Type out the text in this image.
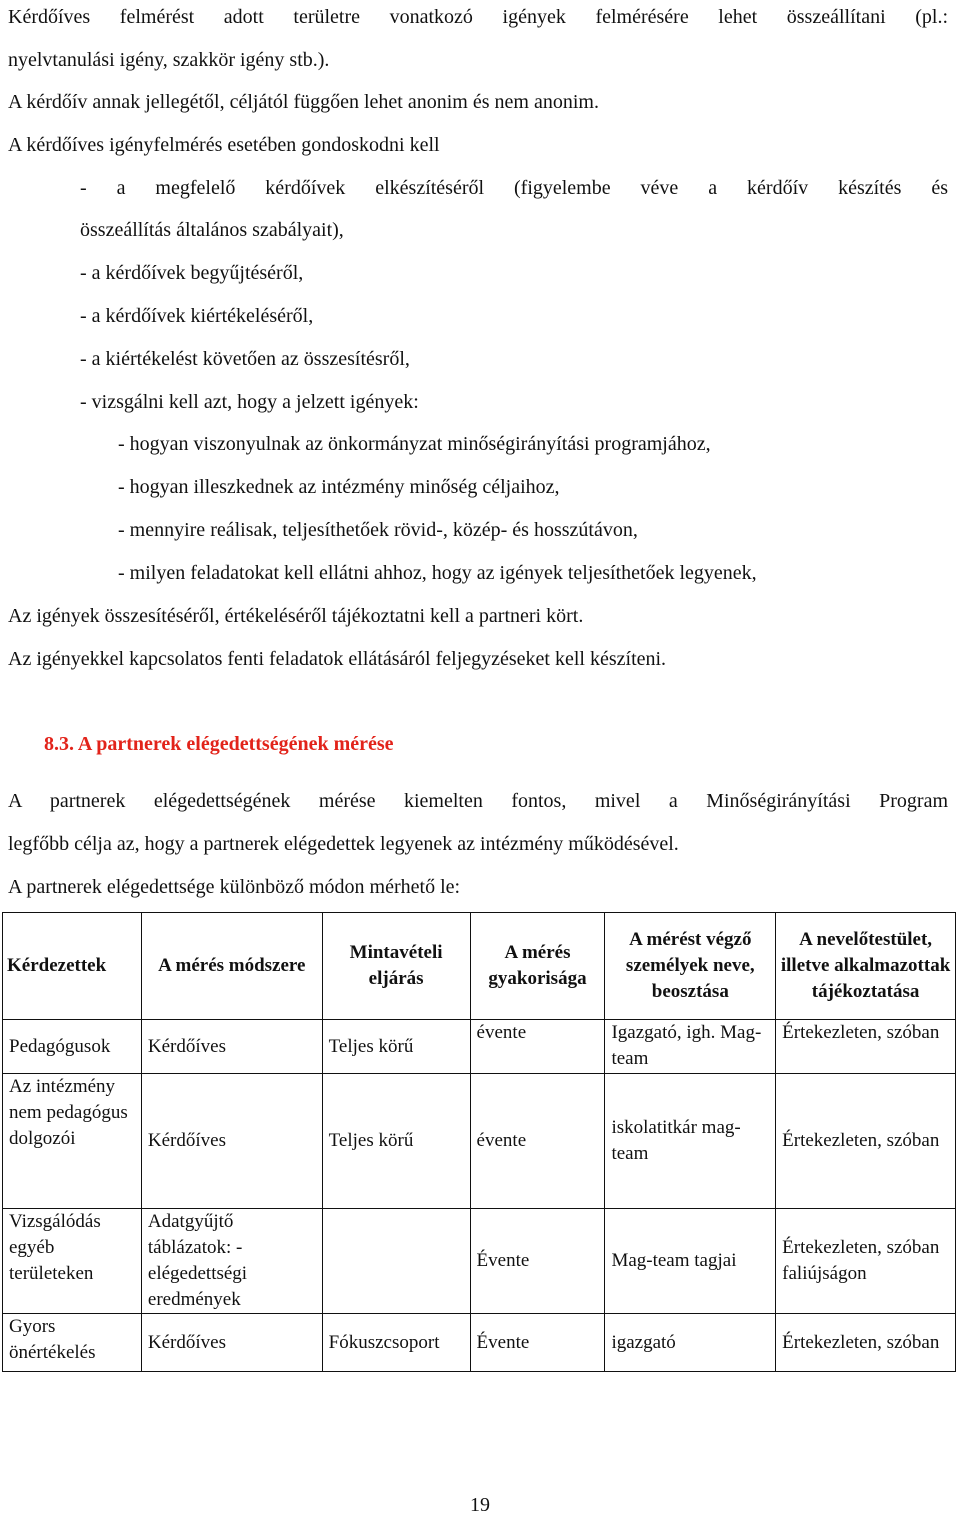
Kérdőíves felmérést adott területre vonatkozó igények felmérésére lehet összeállítani (pl.:
nyelvtanulási igény, szakkör igény stb.).
A kérdőív annak jellegétől, céljától függően lehet anonim és nem anonim.
A kérdőíves igényfelmérés esetében gondoskodni kell
- a megfelelő kérdőívek elkészítéséről (figyelembe véve a kérdőív készítés és
összeállítás általános szabályait),
- a kérdőívek begyűjtéséről,
- a kérdőívek kiértékeléséről,
- a kiértékelést követően az összesítésről,
- vizsgálni kell azt, hogy a jelzett igények:
- hogyan viszonyulnak az önkormányzat minőségirányítási programjához,
- hogyan illeszkednek az intézmény minőség céljaihoz,
- mennyire reálisak, teljesíthetőek rövid-, közép- és hosszútávon,
- milyen feladatokat kell ellátni ahhoz, hogy az igények teljesíthetőek legyenek,
Az igények összesítéséről, értékeléséről tájékoztatni kell a partneri kört.
Az igényekkel kapcsolatos fenti feladatok ellátásáról feljegyzéseket kell készíteni.
8.3. A partnerek elégedettségének mérése
A partnerek elégedettségének mérése kiemelten fontos, mivel a Minőségirányítási Program
legfőbb célja az, hogy a partnerek elégedettek legyenek az intézmény működésével.
A partnerek elégedettsége különböző módon mérhető le:
Kérdezettek	A mérés módszere	Mintavételi eljárás	A mérés gyakorisága	A mérést végző személyek neve, beosztása	A nevelőtestület, illetve alkalmazottak tájékoztatása
Pedagógusok	Kérdőíves	Teljes körű	évente	Igazgató, igh. Mag-team	Értekezleten, szóban
Az intézmény nem pedagógus dolgozói	Kérdőíves	Teljes körű	évente	iskolatitkár mag-team	Értekezleten, szóban
Vizsgálódás egyéb területeken	Adatgyűjtő táblázatok: - elégedettségi eredmények		Évente	Mag-team tagjai	Értekezleten, szóban faliújságon
Gyors önértékelés	Kérdőíves	Fókuszcsoport	Évente	igazgató	Értekezleten, szóban
19
